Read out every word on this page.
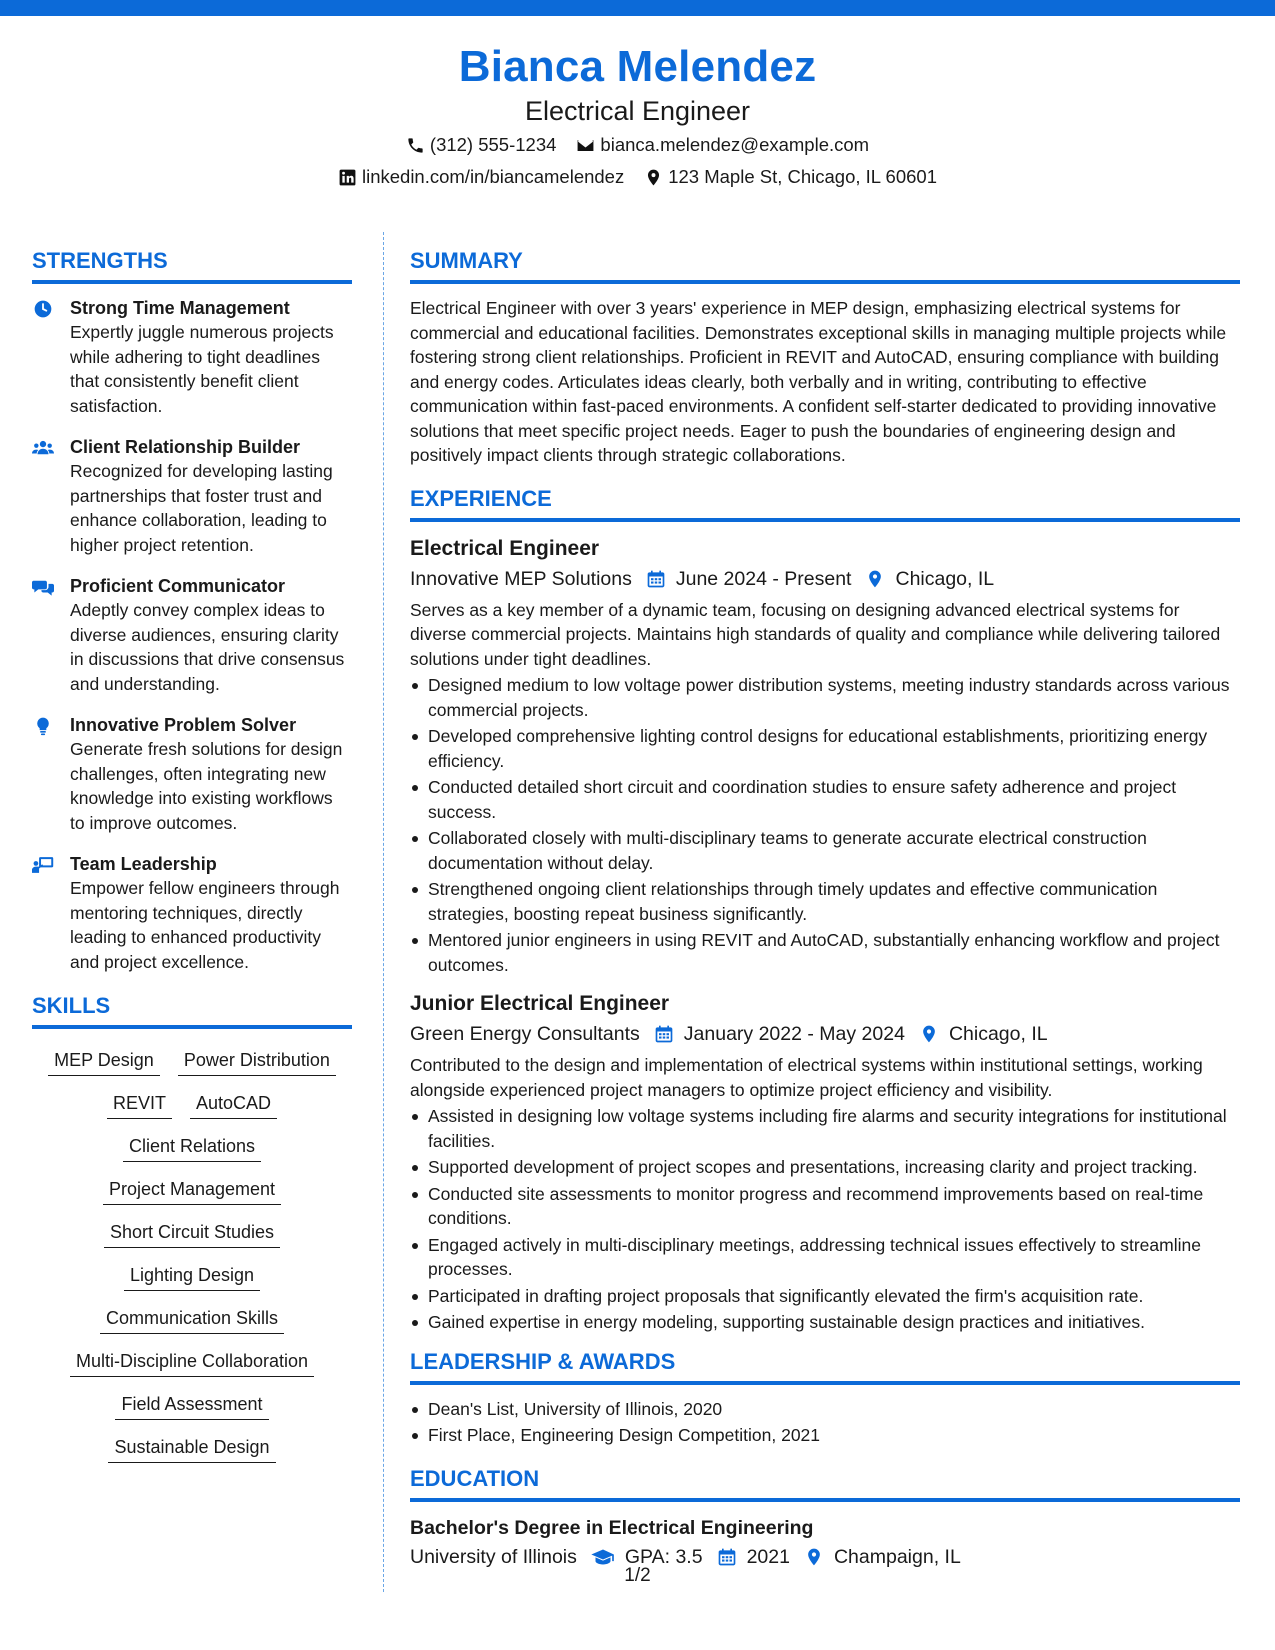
Bianca Melendez
Electrical Engineer
(312) 555-1234 bianca.melendez@example.com
linkedin.com/in/biancamelendez 123 Maple St, Chicago, IL 60601
STRENGTHS
Strong Time Management
Expertly juggle numerous projects while adhering to tight deadlines that consistently benefit client satisfaction.
Client Relationship Builder
Recognized for developing lasting partnerships that foster trust and enhance collaboration, leading to higher project retention.
Proficient Communicator
Adeptly convey complex ideas to diverse audiences, ensuring clarity in discussions that drive consensus and understanding.
Innovative Problem Solver
Generate fresh solutions for design challenges, often integrating new knowledge into existing workflows to improve outcomes.
Team Leadership
Empower fellow engineers through mentoring techniques, directly leading to enhanced productivity and project excellence.
SKILLS
MEP Design	Power Distribution
REVIT	AutoCAD
Client Relations
Project Management
Short Circuit Studies
Lighting Design
Communication Skills
Multi-Discipline Collaboration
Field Assessment
Sustainable Design
SUMMARY
Electrical Engineer with over 3 years' experience in MEP design, emphasizing electrical systems for commercial and educational facilities. Demonstrates exceptional skills in managing multiple projects while fostering strong client relationships. Proficient in REVIT and AutoCAD, ensuring compliance with building and energy codes. Articulates ideas clearly, both verbally and in writing, contributing to effective communication within fast-paced environments. A confident self-starter dedicated to providing innovative solutions that meet specific project needs. Eager to push the boundaries of engineering design and positively impact clients through strategic collaborations.
EXPERIENCE
Electrical Engineer
Innovative MEP Solutions June 2024 - Present Chicago, IL
Serves as a key member of a dynamic team, focusing on designing advanced electrical systems for diverse commercial projects. Maintains high standards of quality and compliance while delivering tailored solutions under tight deadlines.
Designed medium to low voltage power distribution systems, meeting industry standards across various commercial projects.
Developed comprehensive lighting control designs for educational establishments, prioritizing energy efficiency.
Conducted detailed short circuit and coordination studies to ensure safety adherence and project success.
Collaborated closely with multi-disciplinary teams to generate accurate electrical construction documentation without delay.
Strengthened ongoing client relationships through timely updates and effective communication strategies, boosting repeat business significantly.
Mentored junior engineers in using REVIT and AutoCAD, substantially enhancing workflow and project outcomes.
Junior Electrical Engineer
Green Energy Consultants January 2022 - May 2024 Chicago, IL
Contributed to the design and implementation of electrical systems within institutional settings, working alongside experienced project managers to optimize project efficiency and visibility.
Assisted in designing low voltage systems including fire alarms and security integrations for institutional facilities.
Supported development of project scopes and presentations, increasing clarity and project tracking.
Conducted site assessments to monitor progress and recommend improvements based on real-time conditions.
Engaged actively in multi-disciplinary meetings, addressing technical issues effectively to streamline processes.
Participated in drafting project proposals that significantly elevated the firm's acquisition rate.
Gained expertise in energy modeling, supporting sustainable design practices and initiatives.
LEADERSHIP & AWARDS
Dean's List, University of Illinois, 2020
First Place, Engineering Design Competition, 2021
EDUCATION
Bachelor's Degree in Electrical Engineering
University of Illinois GPA: 3.5 2021 Champaign, IL
1/2
